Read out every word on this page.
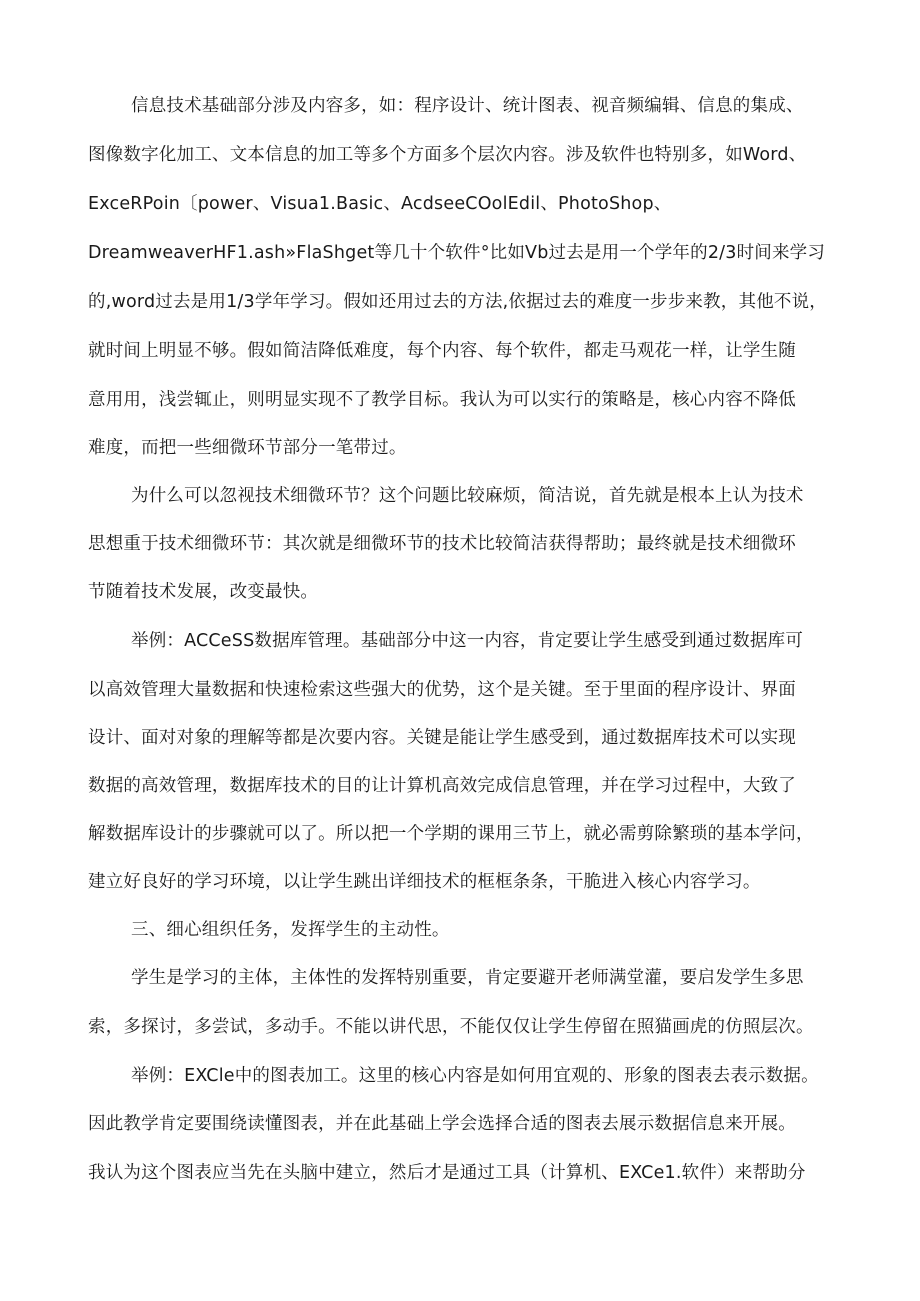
信息技术基础部分涉及内容多，如：程序设计、统计图表、视音频编辑、信息的集成、
图像数字化加工、文本信息的加工等多个方面多个层次内容。涉及软件也特别多，如Word、
ExceRPoin〔power、Visua1.Basic、AcdseeCOolEdil、PhotoShop、
DreamweaverHF1.ash»FlaShget等几十个软件°比如Vb过去是用一个学年的2/3时间来学习
的,word过去是用1/3学年学习。假如还用过去的方法,依据过去的难度一步步来教，其他不说，
就时间上明显不够。假如简洁降低难度，每个内容、每个软件，都走马观花一样，让学生随
意用用，浅尝辄止，则明显实现不了教学目标。我认为可以实行的策略是，核心内容不降低
难度，而把一些细微环节部分一笔带过。
为什么可以忽视技术细微环节？这个问题比较麻烦，简洁说，首先就是根本上认为技术
思想重于技术细微环节：其次就是细微环节的技术比较简洁获得帮助；最终就是技术细微环
节随着技术发展，改变最快。
举例：ACCeSS数据库管理。基础部分中这一内容，肯定要让学生感受到通过数据库可
以高效管理大量数据和快速检索这些强大的优势，这个是关键。至于里面的程序设计、界面
设计、面对对象的理解等都是次要内容。关键是能让学生感受到，通过数据库技术可以实现
数据的高效管理，数据库技术的目的让计算机高效完成信息管理，并在学习过程中，大致了
解数据库设计的步骤就可以了。所以把一个学期的课用三节上，就必需剪除繁琐的基本学问，
建立好良好的学习环境，以让学生跳出详细技术的框框条条，干脆进入核心内容学习。
三、细心组织任务，发挥学生的主动性。
学生是学习的主体，主体性的发挥特别重要，肯定要避开老师满堂灌，要启发学生多思
索，多探讨，多尝试，多动手。不能以讲代思，不能仅仅让学生停留在照猫画虎的仿照层次。
举例：EXCle中的图表加工。这里的核心内容是如何用宜观的、形象的图表去表示数据。
因此教学肯定要围绕读懂图表，并在此基础上学会选择合适的图表去展示数据信息来开展。
我认为这个图表应当先在头脑中建立，然后才是通过工具（计算机、EXCe1.软件）来帮助分
